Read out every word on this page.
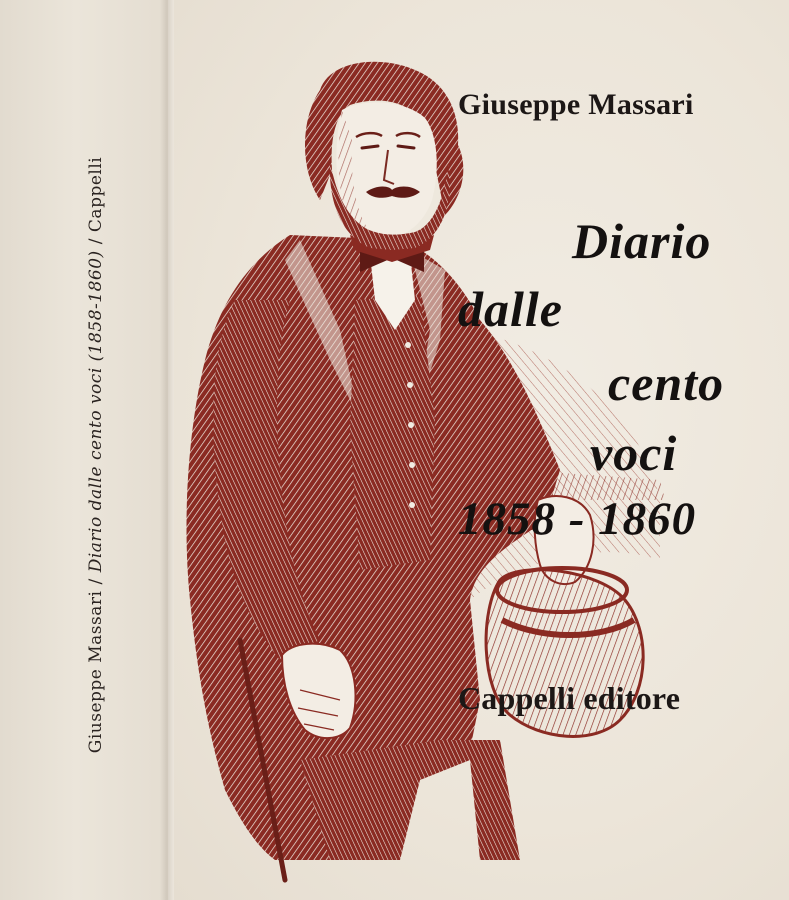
Giuseppe Massari/Diario dalle cento voci (1858-1860)/Cappelli
Giuseppe Massari
Diario
dalle
cento
voci
1858 - 1860
Cappelli editore
